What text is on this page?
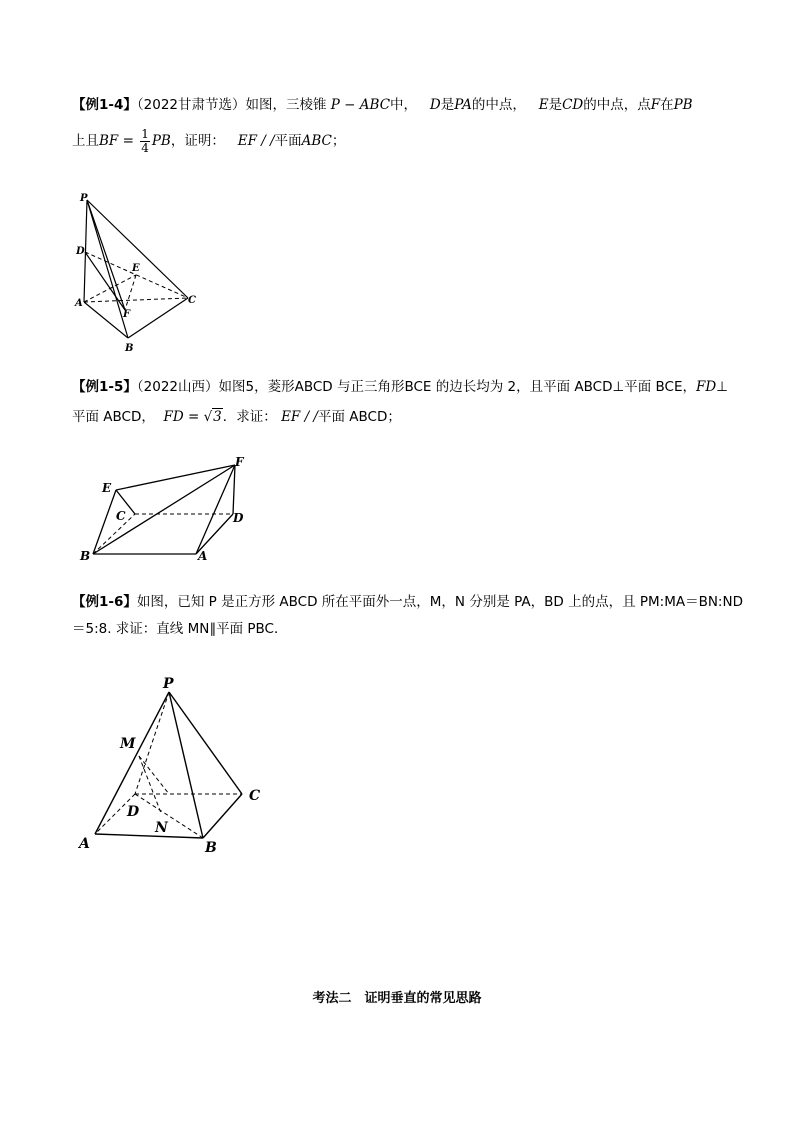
【例1-4】（2022甘肃节选）如图，三棱锥 P − ABC中， D是PA的中点， E是CD的中点，点F在PB
上且BF = $\frac{1}{4}$ PB，证明： EF / /平面ABC；
P
D
E
A	C
F
B
【例1-5】（2022山西）如图5，菱形ABCD 与正三角形BCE 的边长均为 2，且平面 ABCD⊥平面 BCE，FD⊥
平面 ABCD， FD = √3．求证： EF / /平面 ABCD；
E
F
C	D
B	A
【例1-6】如图，已知 P 是正方形 ABCD 所在平面外一点，M，N 分别是 PA，BD 上的点，且 PM:MA＝BN:ND
＝5:8. 求证：直线 MN∥平面 PBC．
P
M
C
D
N
A	B
考法二　证明垂直的常见思路
